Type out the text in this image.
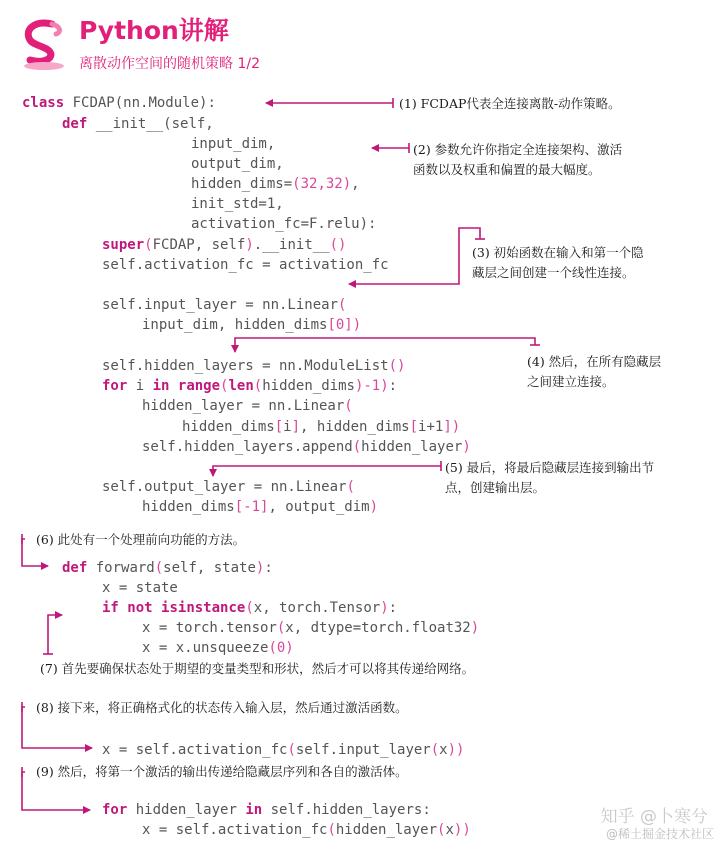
Python讲解
离散动作空间的随机策略 1/2
class FCDAP(nn.Module):
def __init__(self,
input_dim,
output_dim,
hidden_dims=(32,32),
init_std=1,
activation_fc=F.relu):
super(FCDAP, self).__init__()
self.activation_fc = activation_fc
self.input_layer = nn.Linear(
input_dim, hidden_dims[0])
self.hidden_layers = nn.ModuleList()
for i in range(len(hidden_dims)-1):
hidden_layer = nn.Linear(
hidden_dims[i], hidden_dims[i+1])
self.hidden_layers.append(hidden_layer)
self.output_layer = nn.Linear(
hidden_dims[-1], output_dim)
def forward(self, state):
x = state
if not isinstance(x, torch.Tensor):
x = torch.tensor(x, dtype=torch.float32)
x = x.unsqueeze(0)
x = self.activation_fc(self.input_layer(x))
for hidden_layer in self.hidden_layers:
x = self.activation_fc(hidden_layer(x))
(1) FCDAP代表全连接离散-动作策略。
(2) 参数允许你指定全连接架构、激活函数以及权重和偏置的最大幅度。
(3) 初始函数在输入和第一个隐藏层之间创建一个线性连接。
(4) 然后，在所有隐藏层之间建立连接。
(5) 最后，将最后隐藏层连接到输出节点，创建输出层。
(6) 此处有一个处理前向功能的方法。
(7) 首先要确保状态处于期望的变量类型和形状，然后才可以将其传递给网络。
(8) 接下来，将正确格式化的状态传入输入层，然后通过激活函数。
(9) 然后，将第一个激活的输出传递给隐藏层序列和各自的激活体。
知乎 @卜寒兮
@稀土掘金技术社区
